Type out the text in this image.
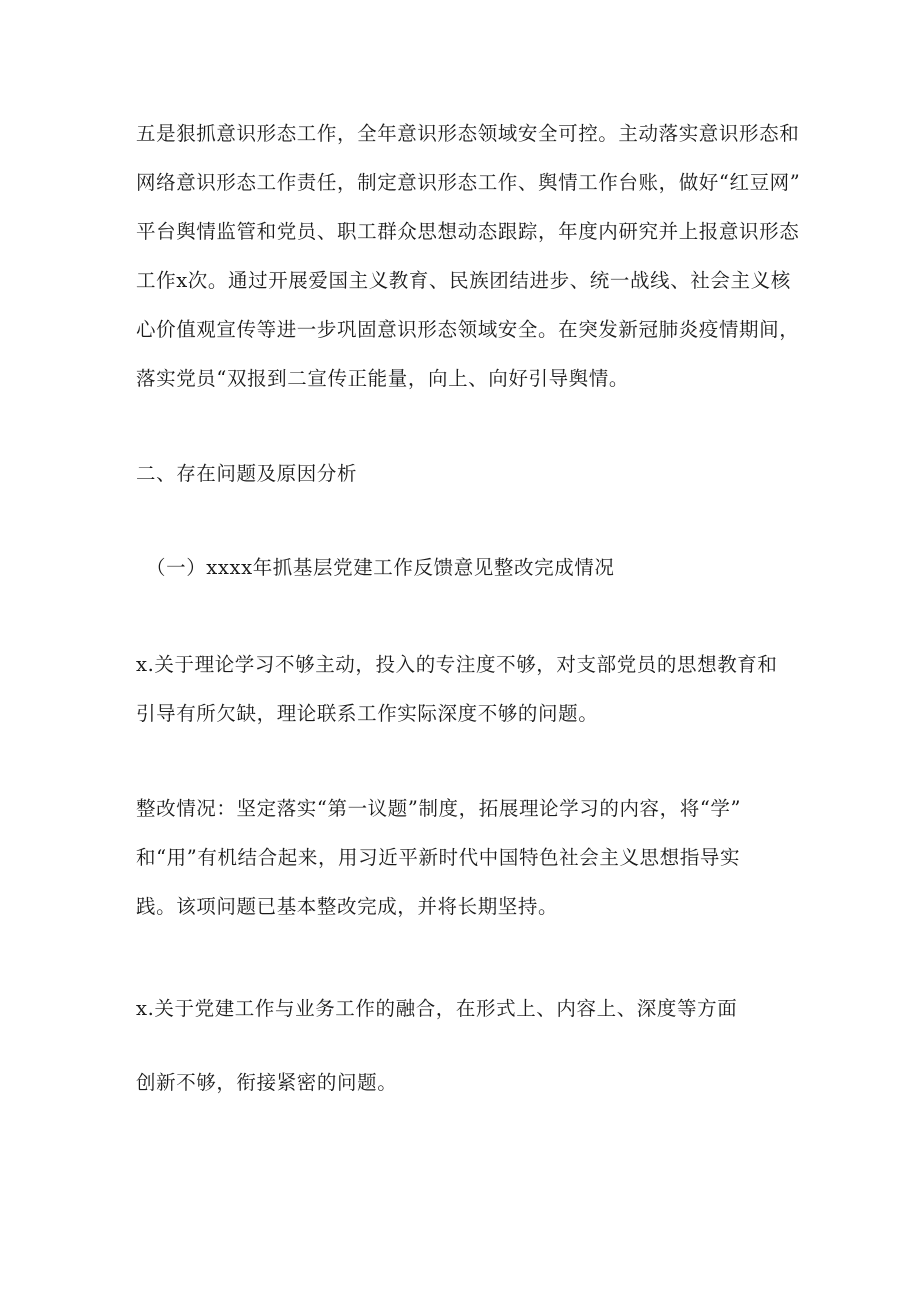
五是狠抓意识形态工作，全年意识形态领域安全可控。主动落实意识形态和
网络意识形态工作责任，制定意识形态工作、舆情工作台账，做好“红豆网”
平台舆情监管和党员、职工群众思想动态跟踪，年度内研究并上报意识形态
工作x次。通过开展爱国主义教育、民族团结进步、统一战线、社会主义核
心价值观宣传等进一步巩固意识形态领域安全。在突发新冠肺炎疫情期间，
落实党员“双报到二宣传正能量，向上、向好引导舆情。
二、存在问题及原因分析
（一）xxxx年抓基层党建工作反馈意见整改完成情况
x.关于理论学习不够主动，投入的专注度不够，对支部党员的思想教育和
引导有所欠缺，理论联系工作实际深度不够的问题。
整改情况：坚定落实“第一议题”制度，拓展理论学习的内容，将“学”
和“用”有机结合起来，用习近平新时代中国特色社会主义思想指导实
践。该项问题已基本整改完成，并将长期坚持。
x.关于党建工作与业务工作的融合，在形式上、内容上、深度等方面
创新不够，衔接紧密的问题。
